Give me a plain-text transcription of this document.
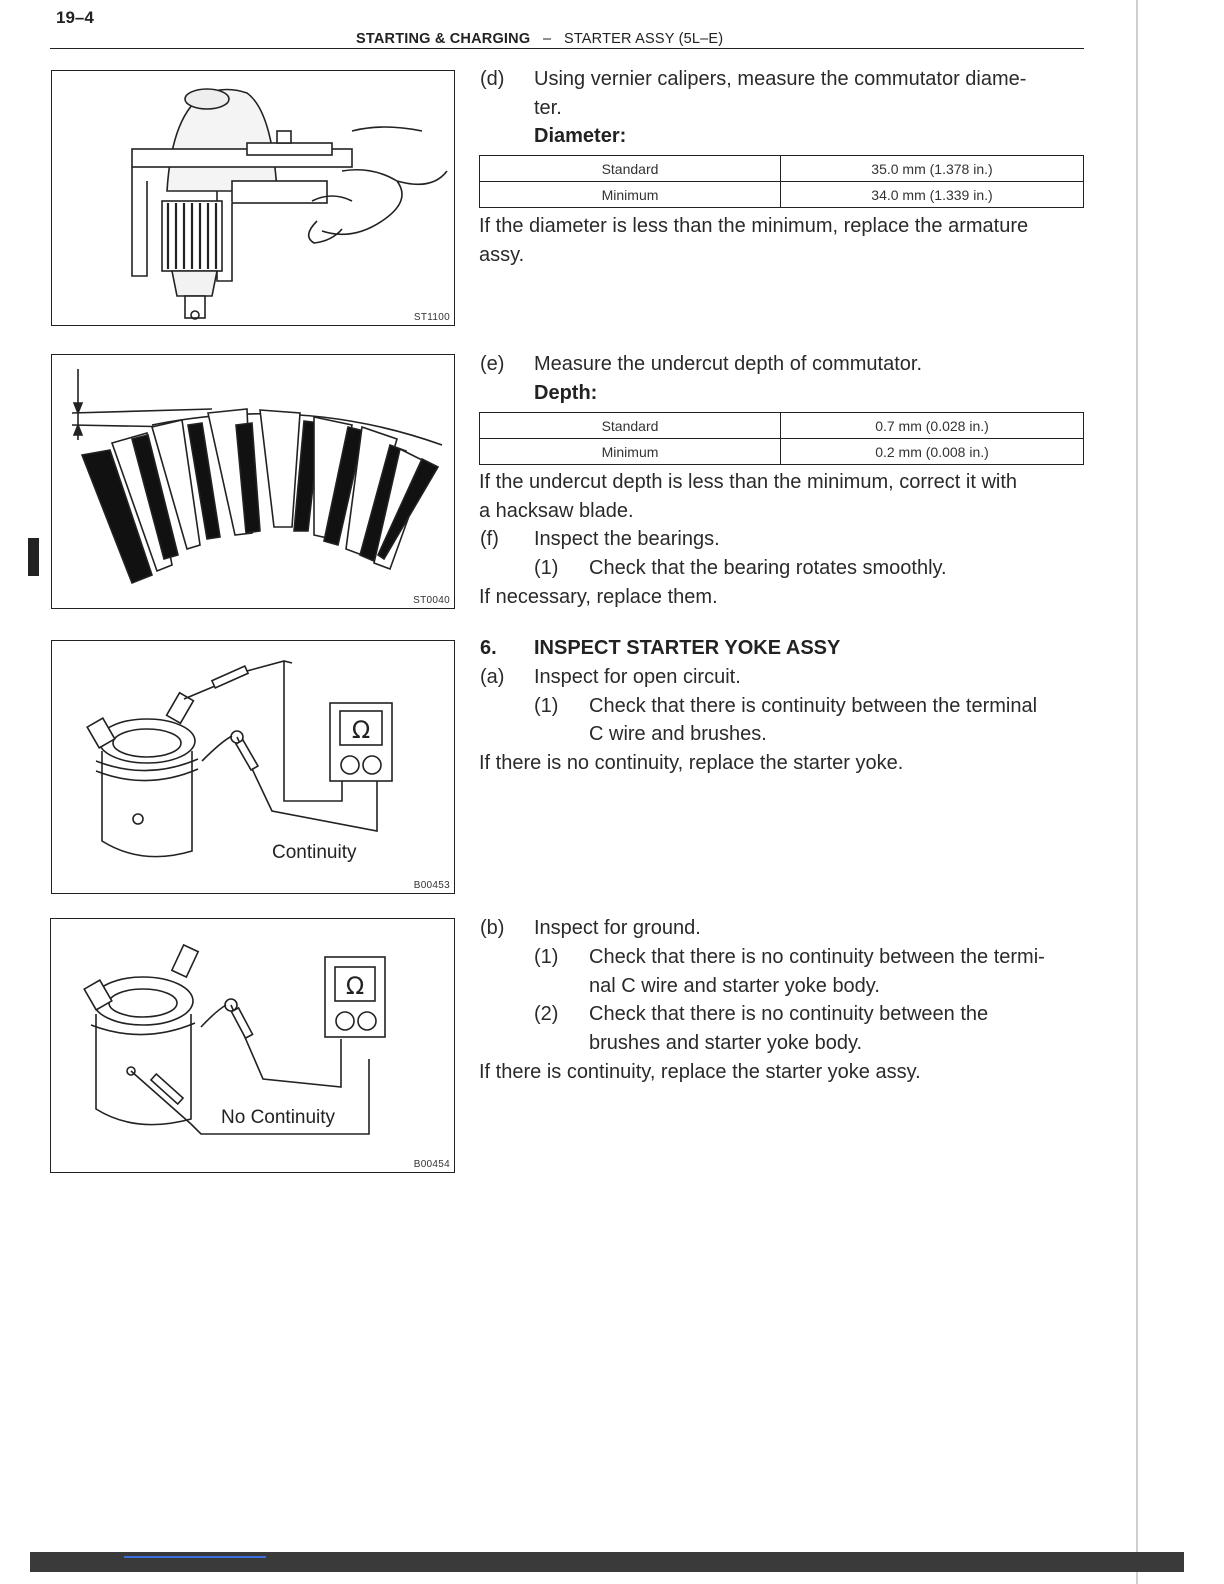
19–4
STARTING & CHARGING – STARTER ASSY (5L–E)
ST1100
ST0040
Ω
Continuity
B00453
Ω
No Continuity
B00454
(d) Using vernier calipers, measure the commutator diame-
ter.
Diameter:
Standard	35.0 mm (1.378 in.)
Minimum	34.0 mm (1.339 in.)
If the diameter is less than the minimum, replace the armature
assy.
(e) Measure the undercut depth of commutator.
Depth:
Standard	0.7 mm (0.028 in.)
Minimum	0.2 mm (0.008 in.)
If the undercut depth is less than the minimum, correct it with
a hacksaw blade.
(f) Inspect the bearings.
(1) Check that the bearing rotates smoothly.
If necessary, replace them.
6. INSPECT STARTER YOKE ASSY
(a) Inspect for open circuit.
(1) Check that there is continuity between the terminal
C wire and brushes.
If there is no continuity, replace the starter yoke.
(b) Inspect for ground.
(1) Check that there is no continuity between the termi-
nal C wire and starter yoke body.
(2) Check that there is no continuity between the
brushes and starter yoke body.
If there is continuity, replace the starter yoke assy.
